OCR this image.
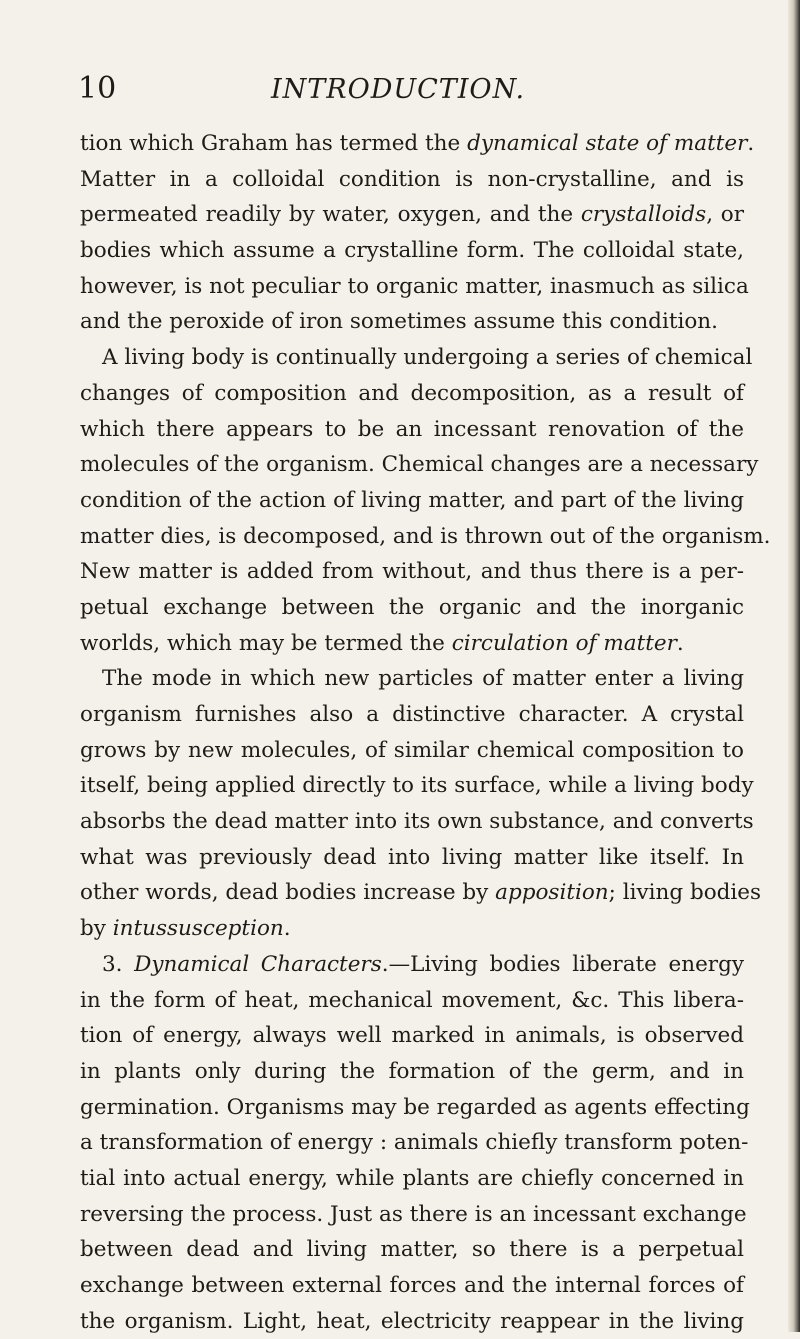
10	INTRODUCTION.
tion which Graham has termed the dynamical state of matter.
Matter in a colloidal condition is non-crystalline, and is
permeated readily by water, oxygen, and the crystalloids, or
bodies which assume a crystalline form. The colloidal state,
however, is not peculiar to organic matter, inasmuch as silica
and the peroxide of iron sometimes assume this condition.
A living body is continually undergoing a series of chemical
changes of composition and decomposition, as a result of
which there appears to be an incessant renovation of the
molecules of the organism. Chemical changes are a necessary
condition of the action of living matter, and part of the living
matter dies, is decomposed, and is thrown out of the organism.
New matter is added from without, and thus there is a per-
petual exchange between the organic and the inorganic
worlds, which may be termed the circulation of matter.
The mode in which new particles of matter enter a living
organism furnishes also a distinctive character. A crystal
grows by new molecules, of similar chemical composition to
itself, being applied directly to its surface, while a living body
absorbs the dead matter into its own substance, and converts
what was previously dead into living matter like itself. In
other words, dead bodies increase by apposition; living bodies
by intussusception.
3. Dynamical Characters.—Living bodies liberate energy
in the form of heat, mechanical movement, &c. This libera-
tion of energy, always well marked in animals, is observed
in plants only during the formation of the germ, and in
germination. Organisms may be regarded as agents effecting
a transformation of energy : animals chiefly transform poten-
tial into actual energy, while plants are chiefly concerned in
reversing the process. Just as there is an incessant exchange
between dead and living matter, so there is a perpetual
exchange between external forces and the internal forces of
the organism. Light, heat, electricity reappear in the living
